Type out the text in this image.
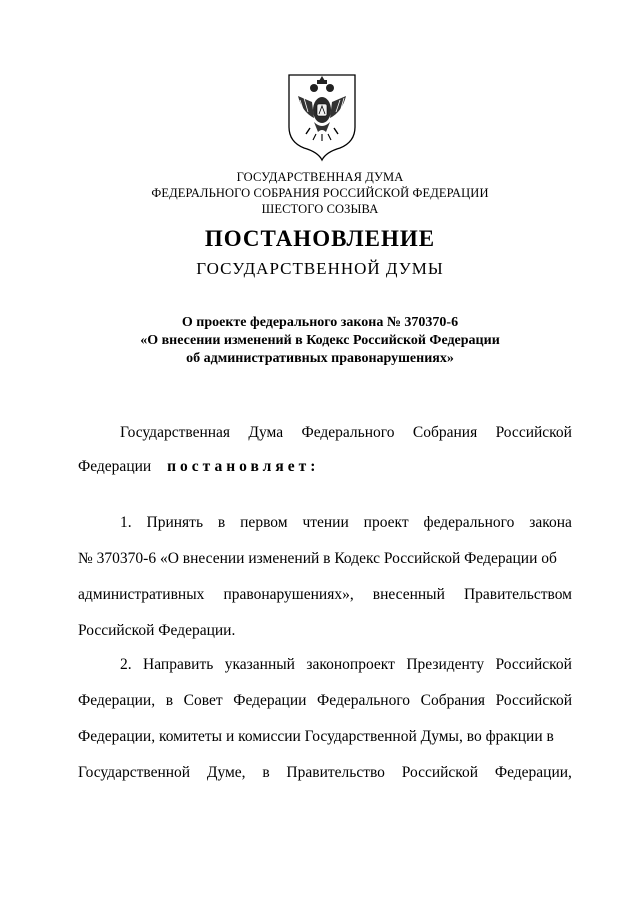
ГОСУДАРСТВЕННАЯ ДУМА
ФЕДЕРАЛЬНОГО СОБРАНИЯ РОССИЙСКОЙ ФЕДЕРАЦИИ
ШЕСТОГО СОЗЫВА
ПОСТАНОВЛЕНИЕ
ГОСУДАРСТВЕННОЙ ДУМЫ
О проекте федерального закона № 370370-6
«О внесении изменений в Кодекс Российской Федерации
об административных правонарушениях»
Государственная Дума Федерального Собрания Российской
Федерации постановляет:
1. Принять в первом чтении проект федерального закона
№ 370370-6 «О внесении изменений в Кодекс Российской Федерации об
административных правонарушениях», внесенный Правительством
Российской Федерации.
2. Направить указанный законопроект Президенту Российской
Федерации, в Совет Федерации Федерального Собрания Российской
Федерации, комитеты и комиссии Государственной Думы, во фракции в
Государственной Думе, в Правительство Российской Федерации,
